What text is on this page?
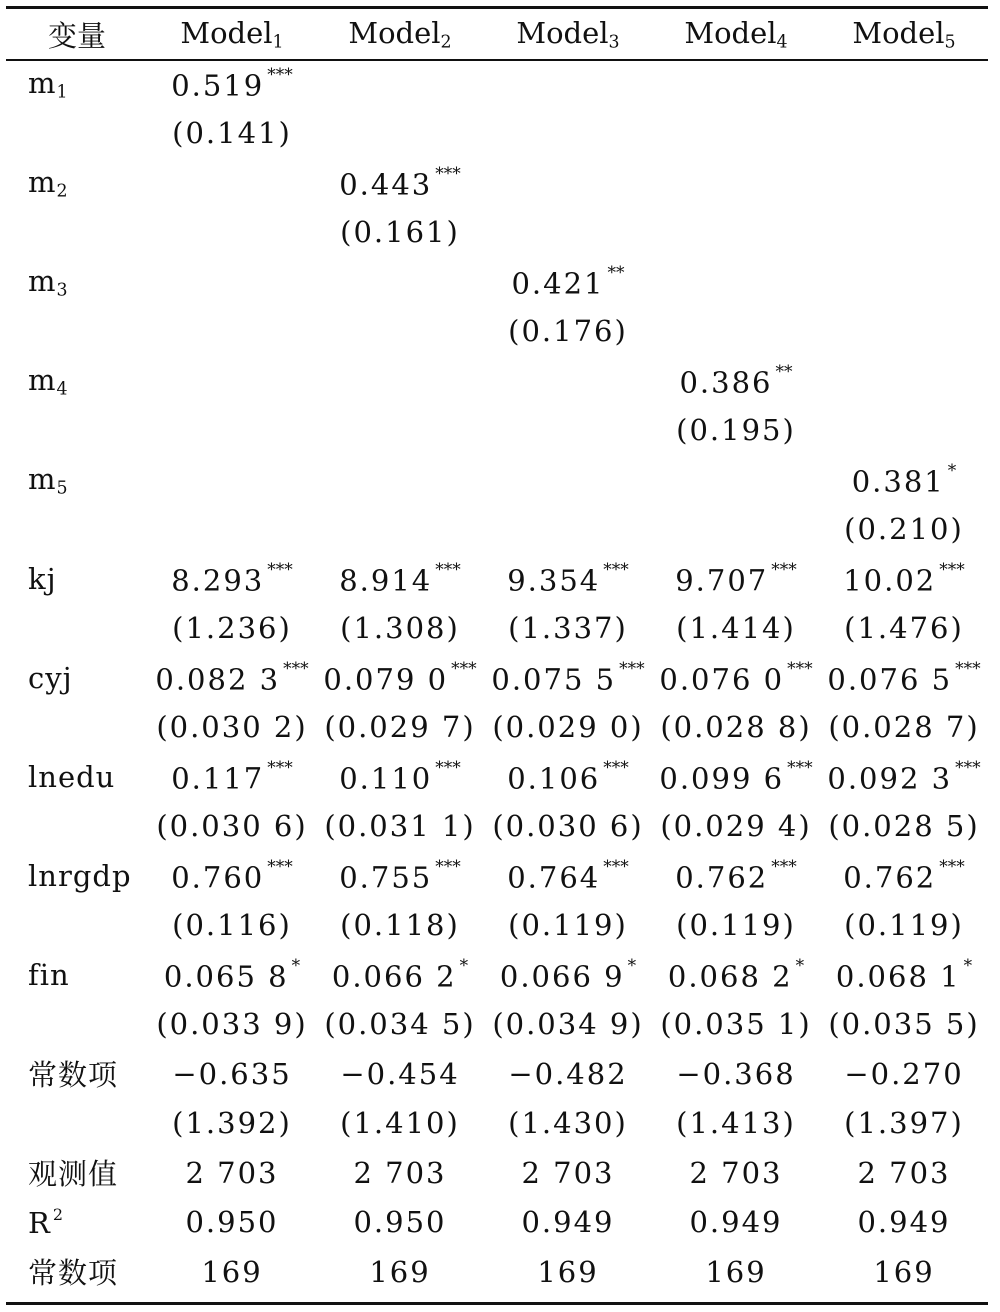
变量	Model$_1$	Model$_2$	Model$_3$	Model$_4$	Model$_5$
$m_1$	0.519 ***				
	(0.141)				
$m_2$		0.443 ***			
		(0.161)			
$m_3$			0.421 **		
			(0.176)		
$m_4$				0.386 **	
				(0.195)	
$m_5$					0.381 *
					(0.210)
kj	8.293 ***	8.914 ***	9.354 ***	9.707 ***	10.02 ***
	(1.236)	(1.308)	(1.337)	(1.414)	(1.476)
cyj	0.082 3 ***	0.079 0 ***	0.075 5 ***	0.076 0 ***	0.076 5 ***
	(0.030 2)	(0.029 7)	(0.029 0)	(0.028 8)	(0.028 7)
lnedu	0.117 ***	0.110 ***	0.106 ***	0.099 6 ***	0.092 3 ***
	(0.030 6)	(0.031 1)	(0.030 6)	(0.029 4)	(0.028 5)
lnrgdp	0.760 ***	0.755 ***	0.764 ***	0.762 ***	0.762 ***
	(0.116)	(0.118)	(0.119)	(0.119)	(0.119)
fin	0.065 8 *	0.066 2 *	0.066 9 *	0.068 2 *	0.068 1 *
	(0.033 9)	(0.034 5)	(0.034 9)	(0.035 1)	(0.035 5)
常数项	−0.635	−0.454	−0.482	−0.368	−0.270
	(1.392)	(1.410)	(1.430)	(1.413)	(1.397)
观测值	2 703	2 703	2 703	2 703	2 703
R $^2$	0.950	0.950	0.949	0.949	0.949
常数项	169	169	169	169	169
